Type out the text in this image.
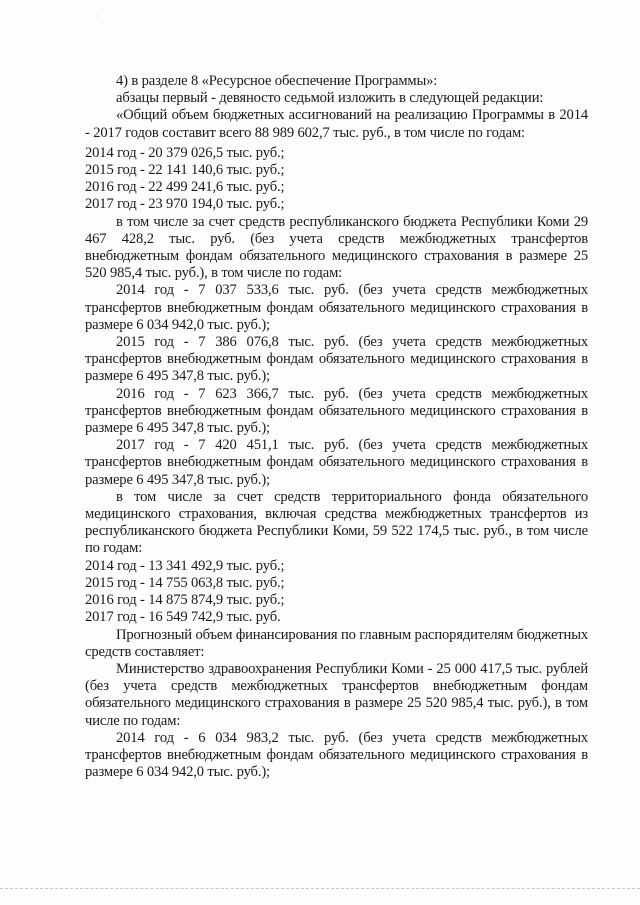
·

4) в разделе 8 «Ресурсное обеспечение Программы»:

абзацы первый - девяносто седьмой изложить в следующей редакции:

«Общий объем бюджетных ассигнований на реализацию Программы в 2014 - 2017 годов составит всего 88 989 602,7 тыс. руб., в том числе по годам:

2014 год - 20 379 026,5 тыс. руб.;

2015 год - 22 141 140,6 тыс. руб.;

2016 год - 22 499 241,6 тыс. руб.;

2017 год - 23 970 194,0 тыс. руб.;

в том числе за счет средств республиканского бюджета Республики Коми 29 467 428,2 тыс. руб. (без учета средств межбюджетных трансфертов внебюджетным фондам обязательного медицинского страхования в размере 25 520 985,4 тыс. руб.), в том числе по годам:

2014 год - 7 037 533,6 тыс. руб. (без учета средств межбюджетных трансфертов внебюджетным фондам обязательного медицинского страхования в размере 6 034 942,0 тыс. руб.);

2015 год - 7 386 076,8 тыс. руб. (без учета средств межбюджетных трансфертов внебюджетным фондам обязательного медицинского страхования в размере 6 495 347,8 тыс. руб.);

2016 год - 7 623 366,7 тыс. руб. (без учета средств межбюджетных трансфертов внебюджетным фондам обязательного медицинского страхования в размере 6 495 347,8 тыс. руб.);

2017 год - 7 420 451,1 тыс. руб. (без учета средств межбюджетных трансфертов внебюджетным фондам обязательного медицинского страхования в размере 6 495 347,8 тыс. руб.);

в том числе за счет средств территориального фонда обязательного медицинского страхования, включая средства межбюджетных трансфертов из республиканского бюджета Республики Коми, 59 522 174,5 тыс. руб., в том числе по годам:

2014 год - 13 341 492,9 тыс. руб.;

2015 год - 14 755 063,8 тыс. руб.;

2016 год - 14 875 874,9 тыс. руб.;

2017 год - 16 549 742,9 тыс. руб.

Прогнозный объем финансирования по главным распорядителям бюджетных средств составляет:

Министерство здравоохранения Республики Коми - 25 000 417,5 тыс. рублей (без учета средств межбюджетных трансфертов внебюджетным фондам обязательного медицинского страхования в размере 25 520 985,4 тыс. руб.), в том числе по годам:

2014 год - 6 034 983,2 тыс. руб. (без учета средств межбюджетных трансфертов внебюджетным фондам обязательного медицинского страхования в размере 6 034 942,0 тыс. руб.);
